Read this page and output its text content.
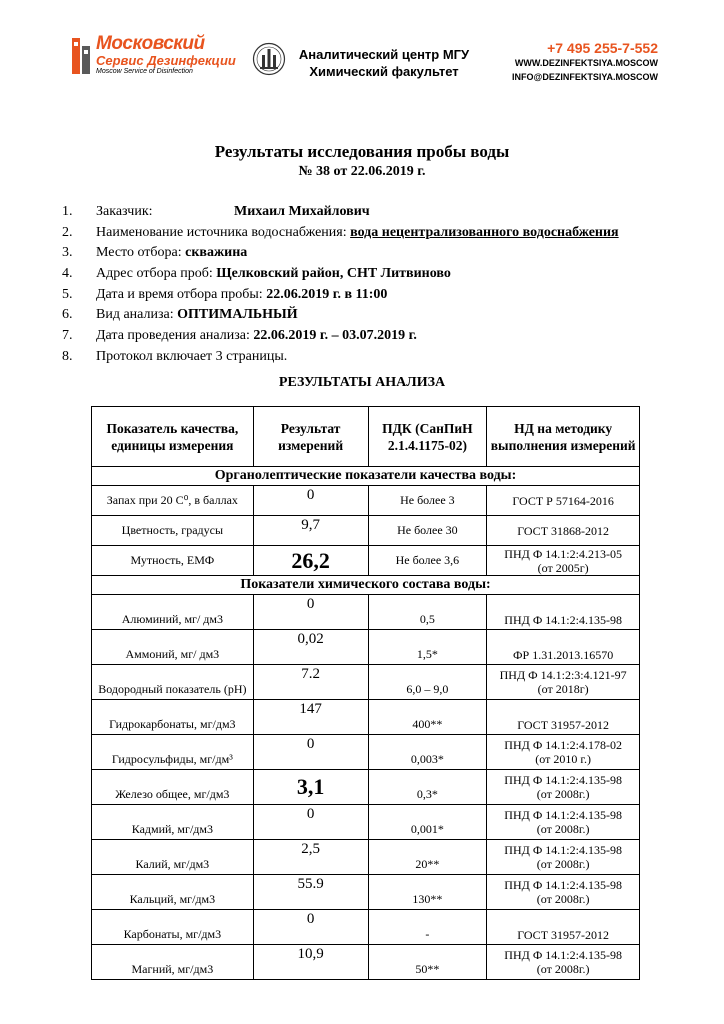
Московский
Сервис Дезинфекции
Moscow Service of Disinfection
Аналитический центр МГУ
Химический факультет
+7 495 255-7-552
WWW.DEZINFEKTSIYA.MOSCOW
INFO@DEZINFEKTSIYA.MOSCOW
Результаты исследования пробы воды
№ 38 от 22.06.2019 г.
1.	Заказчик:	Михаил Михайлович
2.	Наименование источника водоснабжения: вода нецентрализованного водоснабжения
3.	Место отбора: скважина
4.	Адрес отбора проб: Щелковский район, СНТ Литвиново
5.	Дата и время отбора пробы: 22.06.2019 г. в 11:00
6.	Вид анализа: ОПТИМАЛЬНЫЙ
7.	Дата проведения анализа: 22.06.2019 г. – 03.07.2019 г.
8.	Протокол включает 3 страницы.
РЕЗУЛЬТАТЫ АНАЛИЗА
Показатель качества, единицы измерения	Результат измерений	ПДК (СанПиН 2.1.4.1175-02)	НД на методику выполнения измерений
Органолептические показатели качества воды:			
Запах при 20 С⁰, в баллах	0	Не более 3	ГОСТ Р 57164-2016

Цветность, градусы	9,7	Не более 30	ГОСТ 31868-2012

Мутность, ЕМФ	26,2	Не более 3,6	ПНД Ф 14.1:2:4.213-05
(от 2005г)

Показатели химического состава воды:			
Алюминий, мг/ дм3	0	0,5	ПНД Ф 14.1:2:4.135-98

Аммоний, мг/ дм3	0,02	1,5*	ФР 1.31.2013.16570

Водородный показатель (pH)	7.2	6,0 – 9,0	ПНД Ф 14.1:2:3:4.121-97
(от 2018г)

Гидрокарбонаты, мг/дм3	147	400**	ГОСТ 31957-2012

Гидросульфиды, мг/дм³	0	0,003*	ПНД Ф 14.1:2:4.178-02
(от 2010 г.)

Железо общее, мг/дм3	3,1	0,3*	ПНД Ф 14.1:2:4.135-98
(от 2008г.)

Кадмий, мг/дм3	0	0,001*	ПНД Ф 14.1:2:4.135-98
(от 2008г.)

Калий, мг/дм3	2,5	20**	ПНД Ф 14.1:2:4.135-98
(от 2008г.)

Кальций, мг/дм3	55.9	130**	ПНД Ф 14.1:2:4.135-98
(от 2008г.)

Карбонаты, мг/дм3	0	-	ГОСТ 31957-2012

Магний, мг/дм3	10,9	50**	ПНД Ф 14.1:2:4.135-98
(от 2008г.)
